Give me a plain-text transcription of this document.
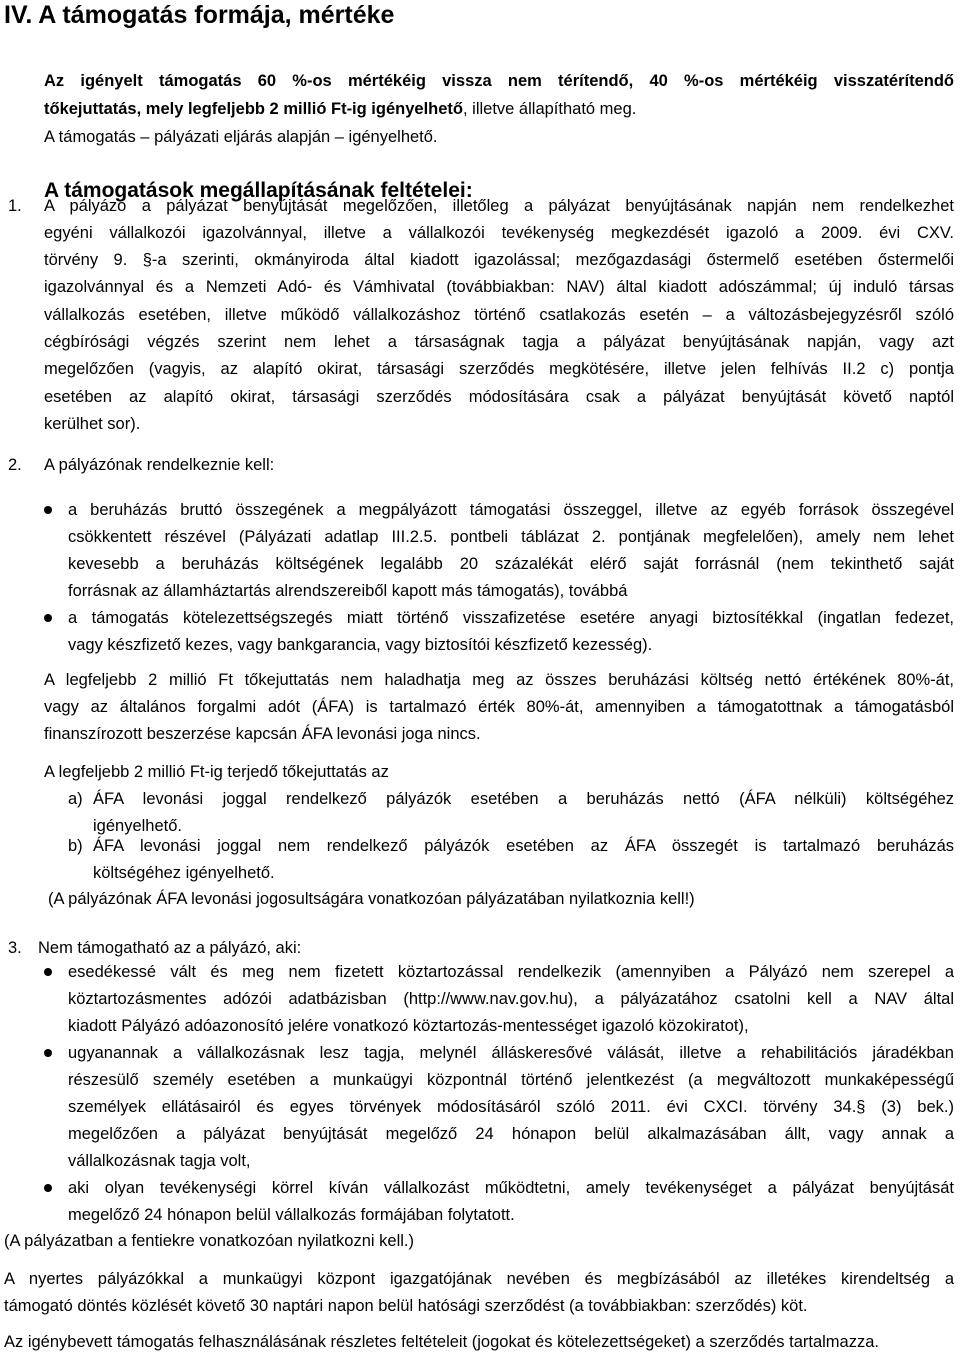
IV. A támogatás formája, mértéke
Az igényelt támogatás 60 %-os mértékéig vissza nem térítendő, 40 %-os mértékéig visszatérítendő
tőkejuttatás, mely legfeljebb 2 millió Ft-ig igényelhető, illetve állapítható meg.
A támogatás – pályázati eljárás alapján – igényelhető.
A támogatások megállapításának feltételei:
1. A pályázó a pályázat benyújtását megelőzően, illetőleg a pályázat benyújtásának napján nem rendelkezhet
egyéni vállalkozói igazolvánnyal, illetve a vállalkozói tevékenység megkezdését igazoló a 2009. évi CXV.
törvény 9. §-a szerinti, okmányiroda által kiadott igazolással; mezőgazdasági őstermelő esetében őstermelői
igazolvánnyal és a Nemzeti Adó- és Vámhivatal (továbbiakban: NAV) által kiadott adószámmal; új induló társas
vállalkozás esetében, illetve működő vállalkozáshoz történő csatlakozás esetén – a változásbejegyzésről szóló
cégbírósági végzés szerint nem lehet a társaságnak tagja a pályázat benyújtásának napján, vagy azt
megelőzően (vagyis, az alapító okirat, társasági szerződés megkötésére, illetve jelen felhívás II.2 c) pontja
esetében az alapító okirat, társasági szerződés módosítására csak a pályázat benyújtását követő naptól
kerülhet sor).
2. A pályázónak rendelkeznie kell:
a beruházás bruttó összegének a megpályázott támogatási összeggel, illetve az egyéb források összegével
csökkentett részével (Pályázati adatlap III.2.5. pontbeli táblázat 2. pontjának megfelelően), amely nem lehet
kevesebb a beruházás költségének legalább 20 százalékát elérő saját forrásnál (nem tekinthető saját
forrásnak az államháztartás alrendszereiből kapott más támogatás), továbbá
a támogatás kötelezettségszegés miatt történő visszafizetése esetére anyagi biztosítékkal (ingatlan fedezet,
vagy készfizető kezes, vagy bankgarancia, vagy biztosítói készfizető kezesség).
A legfeljebb 2 millió Ft tőkejuttatás nem haladhatja meg az összes beruházási költség nettó értékének 80%-át,
vagy az általános forgalmi adót (ÁFA) is tartalmazó érték 80%-át, amennyiben a támogatottnak a támogatásból
finanszírozott beszerzése kapcsán ÁFA levonási joga nincs.
A legfeljebb 2 millió Ft-ig terjedő tőkejuttatás az
a) ÁFA levonási joggal rendelkező pályázók esetében a beruházás nettó (ÁFA nélküli) költségéhez
igényelhető.
b) ÁFA levonási joggal nem rendelkező pályázók esetében az ÁFA összegét is tartalmazó beruházás
költségéhez igényelhető.
(A pályázónak ÁFA levonási jogosultságára vonatkozóan pályázatában nyilatkoznia kell!)
3. Nem támogatható az a pályázó, aki:
esedékessé vált és meg nem fizetett köztartozással rendelkezik (amennyiben a Pályázó nem szerepel a
köztartozásmentes adózói adatbázisban (http://www.nav.gov.hu), a pályázatához csatolni kell a NAV által
kiadott Pályázó adóazonosító jelére vonatkozó köztartozás-mentességet igazoló közokiratot),
ugyanannak a vállalkozásnak lesz tagja, melynél álláskeresővé válását, illetve a rehabilitációs járadékban
részesülő személy esetében a munkaügyi központnál történő jelentkezést (a megváltozott munkaképességű
személyek ellátásairól és egyes törvények módosításáról szóló 2011. évi CXCI. törvény 34.§ (3) bek.)
megelőzően a pályázat benyújtását megelőző 24 hónapon belül alkalmazásában állt, vagy annak a
vállalkozásnak tagja volt,
aki olyan tevékenységi körrel kíván vállalkozást működtetni, amely tevékenységet a pályázat benyújtását
megelőző 24 hónapon belül vállalkozás formájában folytatott.
(A pályázatban a fentiekre vonatkozóan nyilatkozni kell.)
A nyertes pályázókkal a munkaügyi központ igazgatójának nevében és megbízásából az illetékes kirendeltség a
támogató döntés közlését követő 30 naptári napon belül hatósági szerződést (a továbbiakban: szerződés) köt.
Az igénybevett támogatás felhasználásának részletes feltételeit (jogokat és kötelezettségeket) a szerződés tartalmazza.
